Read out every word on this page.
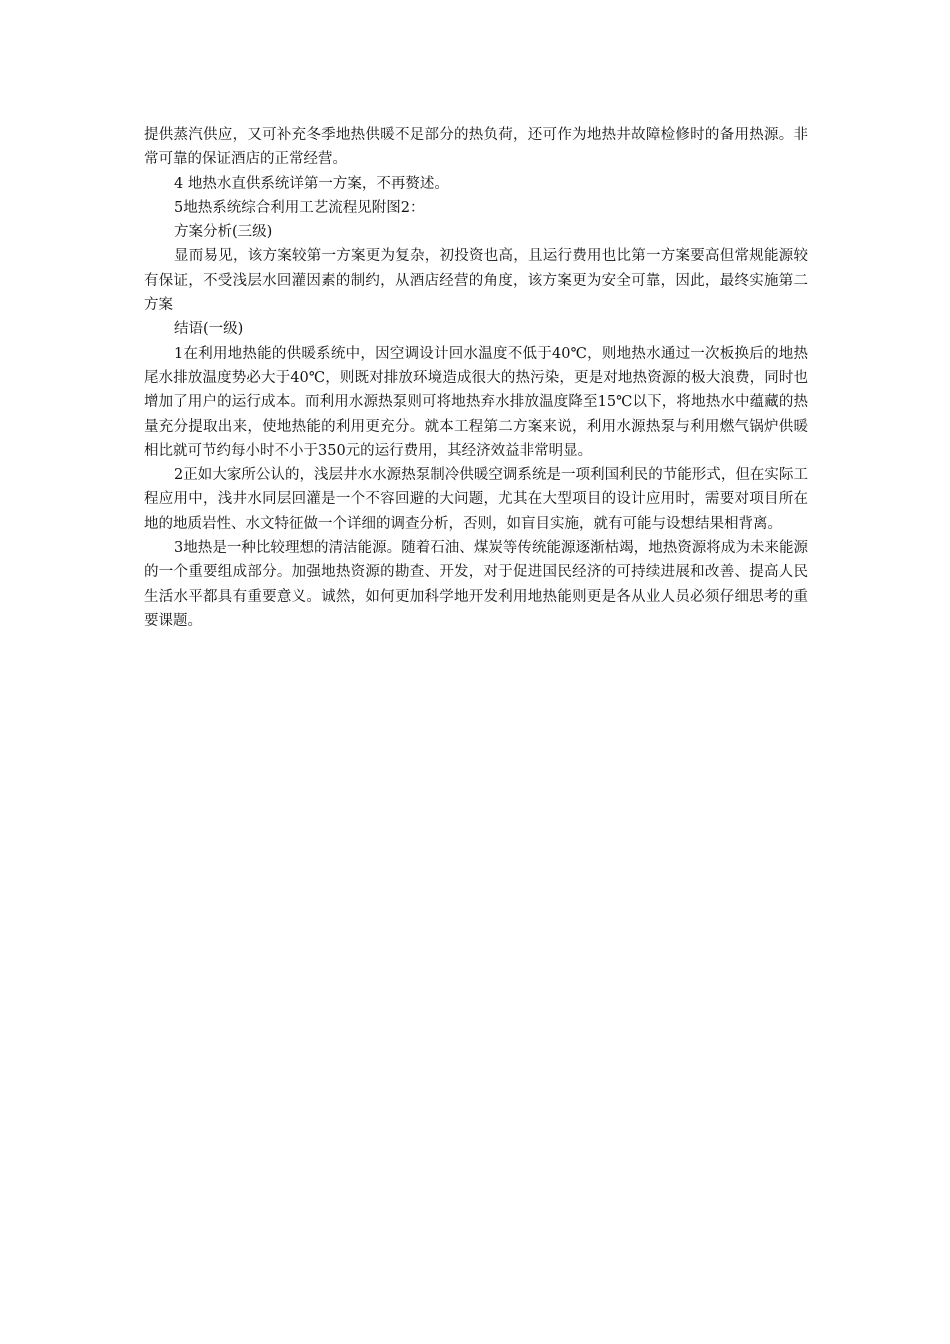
提供蒸汽供应，又可补充冬季地热供暖不足部分的热负荷，还可作为地热井故障检修时的备用热源。非常可靠的保证酒店的正常经营。

4 地热水直供系统详第一方案，不再赘述。

5地热系统综合利用工艺流程见附图2：

方案分析(三级)

显而易见，该方案较第一方案更为复杂，初投资也高，且运行费用也比第一方案要高但常规能源较有保证，不受浅层水回灌因素的制约，从酒店经营的角度，该方案更为安全可靠，因此，最终实施第二方案

结语(一级)

1在利用地热能的供暖系统中，因空调设计回水温度不低于40℃，则地热水通过一次板换后的地热尾水排放温度势必大于40℃，则既对排放环境造成很大的热污染，更是对地热资源的极大浪费，同时也增加了用户的运行成本。而利用水源热泵则可将地热弃水排放温度降至15℃以下，将地热水中蕴藏的热量充分提取出来，使地热能的利用更充分。就本工程第二方案来说，利用水源热泵与利用燃气锅炉供暖相比就可节约每小时不小于350元的运行费用，其经济效益非常明显。

2正如大家所公认的，浅层井水水源热泵制冷供暖空调系统是一项利国利民的节能形式，但在实际工程应用中，浅井水同层回灌是一个不容回避的大问题，尤其在大型项目的设计应用时，需要对项目所在地的地质岩性、水文特征做一个详细的调查分析，否则，如盲目实施，就有可能与设想结果相背离。

3地热是一种比较理想的清洁能源。随着石油、煤炭等传统能源逐渐枯竭，地热资源将成为未来能源的一个重要组成部分。加强地热资源的勘查、开发，对于促进国民经济的可持续进展和改善、提高人民生活水平都具有重要意义。诚然，如何更加科学地开发利用地热能则更是各从业人员必须仔细思考的重要课题。
